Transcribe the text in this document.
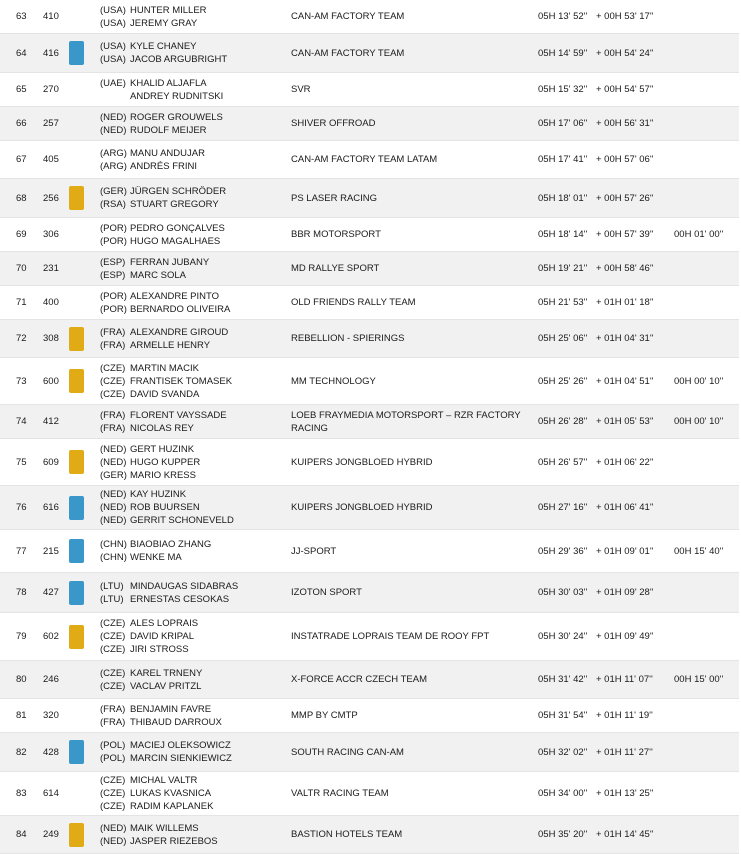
63	410
(USA) HUNTER MILLER
(USA) JEREMY GRAY
CAN-AM FACTORY TEAM	05H 13' 52'' + 00H 53' 17''
64	416
(USA) KYLE CHANEY
(USA) JACOB ARGUBRIGHT
CAN-AM FACTORY TEAM	05H 14' 59'' + 00H 54' 24''
65	270
(UAE) KHALID ALJAFLA
ANDREY RUDNITSKI
SVR	05H 15' 32'' + 00H 54' 57''
66	257
(NED) ROGER GROUWELS
(NED) RUDOLF MEIJER
SHIVER OFFROAD	05H 17' 06'' + 00H 56' 31''
67	405
(ARG) MANU ANDUJAR
(ARG) ANDRÉS FRINI
CAN-AM FACTORY TEAM LATAM	05H 17' 41'' + 00H 57' 06''
68	256
(GER) JÜRGEN SCHRÖDER
(RSA) STUART GREGORY
PS LASER RACING	05H 18' 01'' + 00H 57' 26''
69	306
(POR) PEDRO GONÇALVES
(POR) HUGO MAGALHAES
BBR MOTORSPORT	05H 18' 14'' + 00H 57' 39''	00H 01' 00''
70	231
(ESP) FERRAN JUBANY
(ESP) MARC SOLA
MD RALLYE SPORT	05H 19' 21'' + 00H 58' 46''
71	400
(POR) ALEXANDRE PINTO
(POR) BERNARDO OLIVEIRA
OLD FRIENDS RALLY TEAM	05H 21' 53'' + 01H 01' 18''
72	308
(FRA) ALEXANDRE GIROUD
(FRA) ARMELLE HENRY
REBELLION - SPIERINGS	05H 25' 06'' + 01H 04' 31''
73	600
(CZE) MARTIN MACIK
(CZE) FRANTISEK TOMASEK
(CZE) DAVID SVANDA
MM TECHNOLOGY	05H 25' 26'' + 01H 04' 51''	00H 00' 10''
74	412
(FRA) FLORENT VAYSSADE
(FRA) NICOLAS REY
LOEB FRAYMEDIA MOTORSPORT – RZR FACTORY RACING
05H 26' 28'' + 01H 05' 53''	00H 00' 10''
75	609
(NED) GERT HUZINK
(NED) HUGO KUPPER
(GER) MARIO KRESS
KUIPERS JONGBLOED HYBRID	05H 26' 57'' + 01H 06' 22''
76	616
(NED) KAY HUZINK
(NED) ROB BUURSEN
(NED) GERRIT SCHONEVELD
KUIPERS JONGBLOED HYBRID	05H 27' 16'' + 01H 06' 41''
77	215
(CHN) BIAOBIAO ZHANG
(CHN) WENKE MA
JJ-SPORT	05H 29' 36'' + 01H 09' 01''	00H 15' 40''
78	427
(LTU) MINDAUGAS SIDABRAS
(LTU) ERNESTAS CESOKAS
IZOTON SPORT	05H 30' 03'' + 01H 09' 28''
79	602
(CZE) ALES LOPRAIS
(CZE) DAVID KRIPAL
(CZE) JIRI STROSS
INSTATRADE LOPRAIS TEAM DE ROOY FPT	05H 30' 24'' + 01H 09' 49''
80	246
(CZE) KAREL TRNENY
(CZE) VACLAV PRITZL
X-FORCE ACCR CZECH TEAM	05H 31' 42'' + 01H 11' 07''	00H 15' 00''
81	320
(FRA) BENJAMIN FAVRE
(FRA) THIBAUD DARROUX
MMP BY CMTP	05H 31' 54'' + 01H 11' 19''
82	428
(POL) MACIEJ OLEKSOWICZ
(POL) MARCIN SIENKIEWICZ
SOUTH RACING CAN-AM	05H 32' 02'' + 01H 11' 27''
83	614
(CZE) MICHAL VALTR
(CZE) LUKAS KVASNICA
(CZE) RADIM KAPLANEK
VALTR RACING TEAM	05H 34' 00'' + 01H 13' 25''
84	249
(NED) MAIK WILLEMS
(NED) JASPER RIEZEBOS
BASTION HOTELS TEAM	05H 35' 20'' + 01H 14' 45''
